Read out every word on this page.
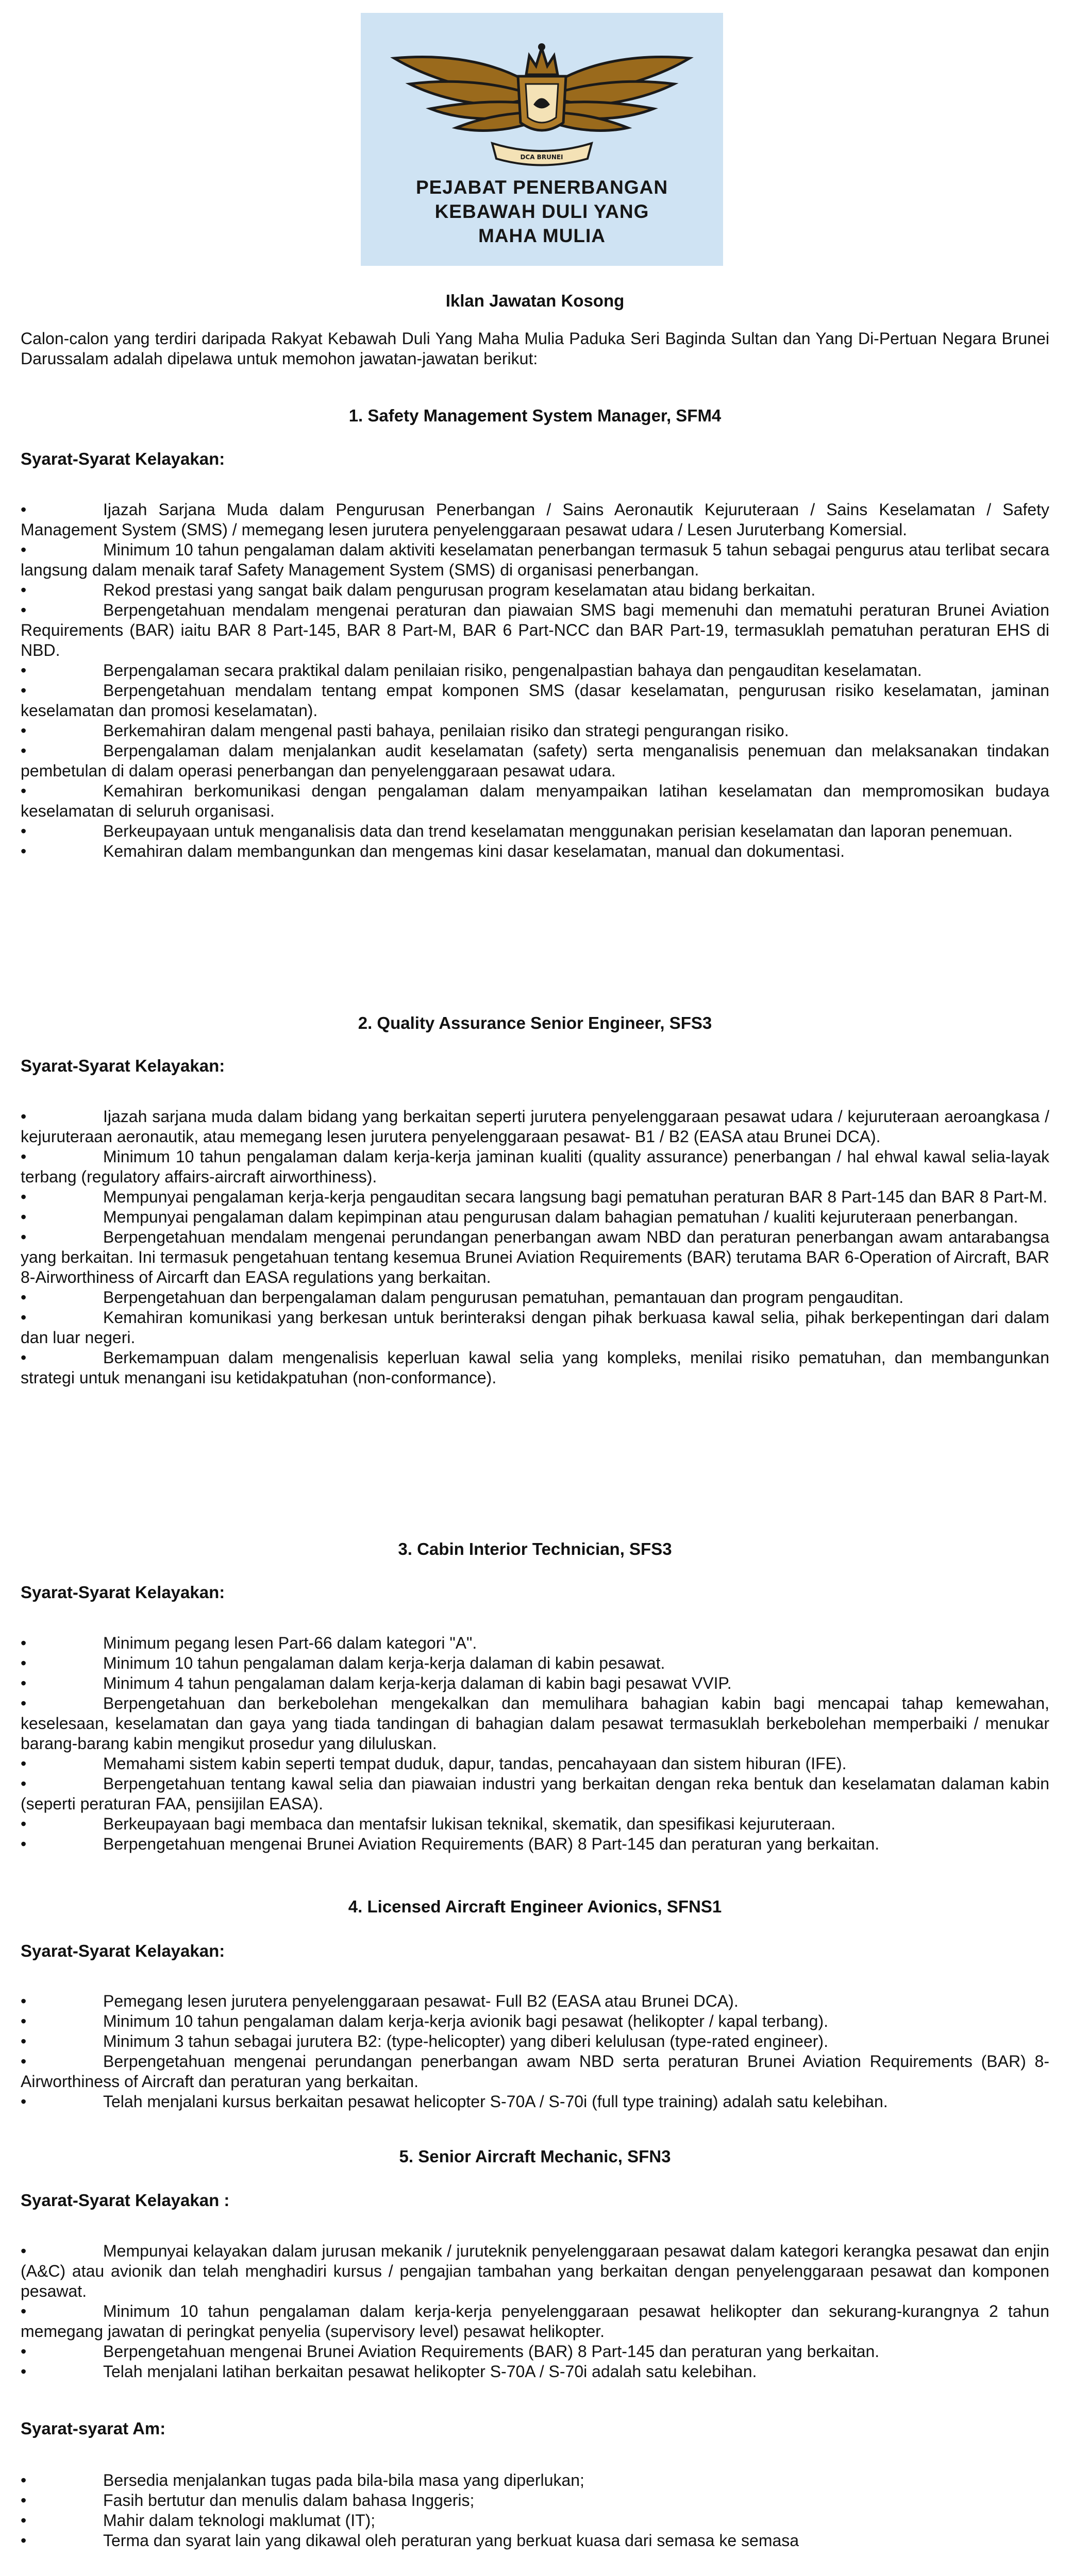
DCA BRUNEI
PEJABAT PENERBANGAN
KEBAWAH DULI YANG
MAHA MULIA
Iklan Jawatan Kosong
Calon-calon yang terdiri daripada Rakyat Kebawah Duli Yang Maha Mulia Paduka Seri Baginda Sultan dan Yang Di-Pertuan Negara Brunei Darussalam adalah dipelawa untuk memohon jawatan-jawatan berikut:
1. Safety Management System Manager, SFM4
Syarat-Syarat Kelayakan:
• Ijazah Sarjana Muda dalam Pengurusan Penerbangan / Sains Aeronautik Kejuruteraan / Sains Keselamatan / Safety Management System (SMS) / memegang lesen jurutera penyelenggaraan pesawat udara / Lesen Juruterbang Komersial.
• Minimum 10 tahun pengalaman dalam aktiviti keselamatan penerbangan termasuk 5 tahun sebagai pengurus atau terlibat secara langsung dalam menaik taraf Safety Management System (SMS) di organisasi penerbangan.
• Rekod prestasi yang sangat baik dalam pengurusan program keselamatan atau bidang berkaitan.
• Berpengetahuan mendalam mengenai peraturan dan piawaian SMS bagi memenuhi dan mematuhi peraturan Brunei Aviation Requirements (BAR) iaitu BAR 8 Part-145, BAR 8 Part-M, BAR 6 Part-NCC dan BAR Part-19, termasuklah pematuhan peraturan EHS di NBD.
• Berpengalaman secara praktikal dalam penilaian risiko, pengenalpastian bahaya dan pengauditan keselamatan.
• Berpengetahuan mendalam tentang empat komponen SMS (dasar keselamatan, pengurusan risiko keselamatan, jaminan keselamatan dan promosi keselamatan).
• Berkemahiran dalam mengenal pasti bahaya, penilaian risiko dan strategi pengurangan risiko.
• Berpengalaman dalam menjalankan audit keselamatan (safety) serta menganalisis penemuan dan melaksanakan tindakan pembetulan di dalam operasi penerbangan dan penyelenggaraan pesawat udara.
• Kemahiran berkomunikasi dengan pengalaman dalam menyampaikan latihan keselamatan dan mempromosikan budaya keselamatan di seluruh organisasi.
• Berkeupayaan untuk menganalisis data dan trend keselamatan menggunakan perisian keselamatan dan laporan penemuan.
• Kemahiran dalam membangunkan dan mengemas kini dasar keselamatan, manual dan dokumentasi.
2. Quality Assurance Senior Engineer, SFS3
Syarat-Syarat Kelayakan:
• Ijazah sarjana muda dalam bidang yang berkaitan seperti jurutera penyelenggaraan pesawat udara / kejuruteraan aeroangkasa / kejuruteraan aeronautik, atau memegang lesen jurutera penyelenggaraan pesawat- B1 / B2 (EASA atau Brunei DCA).
• Minimum 10 tahun pengalaman dalam kerja-kerja jaminan kualiti (quality assurance) penerbangan / hal ehwal kawal selia-layak terbang (regulatory affairs-aircraft airworthiness).
• Mempunyai pengalaman kerja-kerja pengauditan secara langsung bagi pematuhan peraturan BAR 8 Part-145 dan BAR 8 Part-M.
• Mempunyai pengalaman dalam kepimpinan atau pengurusan dalam bahagian pematuhan / kualiti kejuruteraan penerbangan.
• Berpengetahuan mendalam mengenai perundangan penerbangan awam NBD dan peraturan penerbangan awam antarabangsa yang berkaitan. Ini termasuk pengetahuan tentang kesemua Brunei Aviation Requirements (BAR) terutama BAR 6-Operation of Aircraft, BAR 8-Airworthiness of Aircarft dan EASA regulations yang berkaitan.
• Berpengetahuan dan berpengalaman dalam pengurusan pematuhan, pemantauan dan program pengauditan.
• Kemahiran komunikasi yang berkesan untuk berinteraksi dengan pihak berkuasa kawal selia, pihak berkepentingan dari dalam dan luar negeri.
• Berkemampuan dalam mengenalisis keperluan kawal selia yang kompleks, menilai risiko pematuhan, dan membangunkan strategi untuk menangani isu ketidakpatuhan (non-conformance).
3. Cabin Interior Technician, SFS3
Syarat-Syarat Kelayakan:
• Minimum pegang lesen Part-66 dalam kategori "A".
• Minimum 10 tahun pengalaman dalam kerja-kerja dalaman di kabin pesawat.
• Minimum 4 tahun pengalaman dalam kerja-kerja dalaman di kabin bagi pesawat VVIP.
• Berpengetahuan dan berkebolehan mengekalkan dan memulihara bahagian kabin bagi mencapai tahap kemewahan, keselesaan, keselamatan dan gaya yang tiada tandingan di bahagian dalam pesawat termasuklah berkebolehan memperbaiki / menukar barang-barang kabin mengikut prosedur yang diluluskan.
• Memahami sistem kabin seperti tempat duduk, dapur, tandas, pencahayaan dan sistem hiburan (IFE).
• Berpengetahuan tentang kawal selia dan piawaian industri yang berkaitan dengan reka bentuk dan keselamatan dalaman kabin (seperti peraturan FAA, pensijilan EASA).
• Berkeupayaan bagi membaca dan mentafsir lukisan teknikal, skematik, dan spesifikasi kejuruteraan.
• Berpengetahuan mengenai Brunei Aviation Requirements (BAR) 8 Part-145 dan peraturan yang berkaitan.
4. Licensed Aircraft Engineer Avionics, SFNS1
Syarat-Syarat Kelayakan:
• Pemegang lesen jurutera penyelenggaraan pesawat- Full B2 (EASA atau Brunei DCA).
• Minimum 10 tahun pengalaman dalam kerja-kerja avionik bagi pesawat (helikopter / kapal terbang).
• Minimum 3 tahun sebagai jurutera B2: (type-helicopter) yang diberi kelulusan (type-rated engineer).
• Berpengetahuan mengenai perundangan penerbangan awam NBD serta peraturan Brunei Aviation Requirements (BAR) 8-Airworthiness of Aircraft dan peraturan yang berkaitan.
• Telah menjalani kursus berkaitan pesawat helicopter S-70A / S-70i (full type training) adalah satu kelebihan.
5. Senior Aircraft Mechanic, SFN3
Syarat-Syarat Kelayakan :
• Mempunyai kelayakan dalam jurusan mekanik / juruteknik penyelenggaraan pesawat dalam kategori kerangka pesawat dan enjin (A&C) atau avionik dan telah menghadiri kursus / pengajian tambahan yang berkaitan dengan penyelenggaraan pesawat dan komponen pesawat.
• Minimum 10 tahun pengalaman dalam kerja-kerja penyelenggaraan pesawat helikopter dan sekurang-kurangnya 2 tahun memegang jawatan di peringkat penyelia (supervisory level) pesawat helikopter.
• Berpengetahuan mengenai Brunei Aviation Requirements (BAR) 8 Part-145 dan peraturan yang berkaitan.
• Telah menjalani latihan berkaitan pesawat helikopter S-70A / S-70i adalah satu kelebihan.
Syarat-syarat Am:
• Bersedia menjalankan tugas pada bila-bila masa yang diperlukan;
• Fasih bertutur dan menulis dalam bahasa Inggeris;
• Mahir dalam teknologi maklumat (IT);
• Terma dan syarat lain yang dikawal oleh peraturan yang berkuat kuasa dari semasa ke semasa
